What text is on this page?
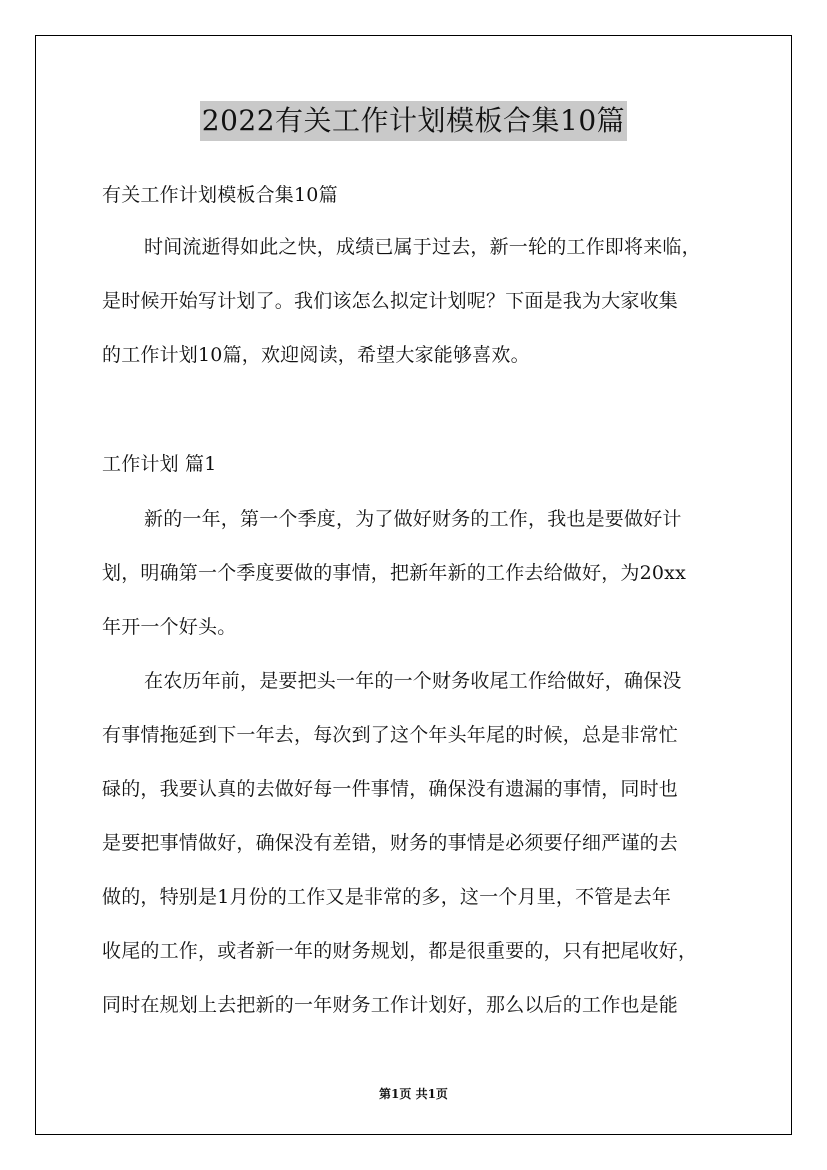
2022有关工作计划模板合集10篇
有关工作计划模板合集10篇
时间流逝得如此之快，成绩已属于过去，新一轮的工作即将来临，
是时候开始写计划了。我们该怎么拟定计划呢？下面是我为大家收集
的工作计划10篇，欢迎阅读，希望大家能够喜欢。
工作计划 篇1
新的一年，第一个季度，为了做好财务的工作，我也是要做好计
划，明确第一个季度要做的事情，把新年新的工作去给做好，为20xx
年开一个好头。
在农历年前，是要把头一年的一个财务收尾工作给做好，确保没
有事情拖延到下一年去，每次到了这个年头年尾的时候，总是非常忙
碌的，我要认真的去做好每一件事情，确保没有遗漏的事情，同时也
是要把事情做好，确保没有差错，财务的事情是必须要仔细严谨的去
做的，特别是1月份的工作又是非常的多，这一个月里，不管是去年
收尾的工作，或者新一年的财务规划，都是很重要的，只有把尾收好，
同时在规划上去把新的一年财务工作计划好，那么以后的工作也是能
第1页 共1页
